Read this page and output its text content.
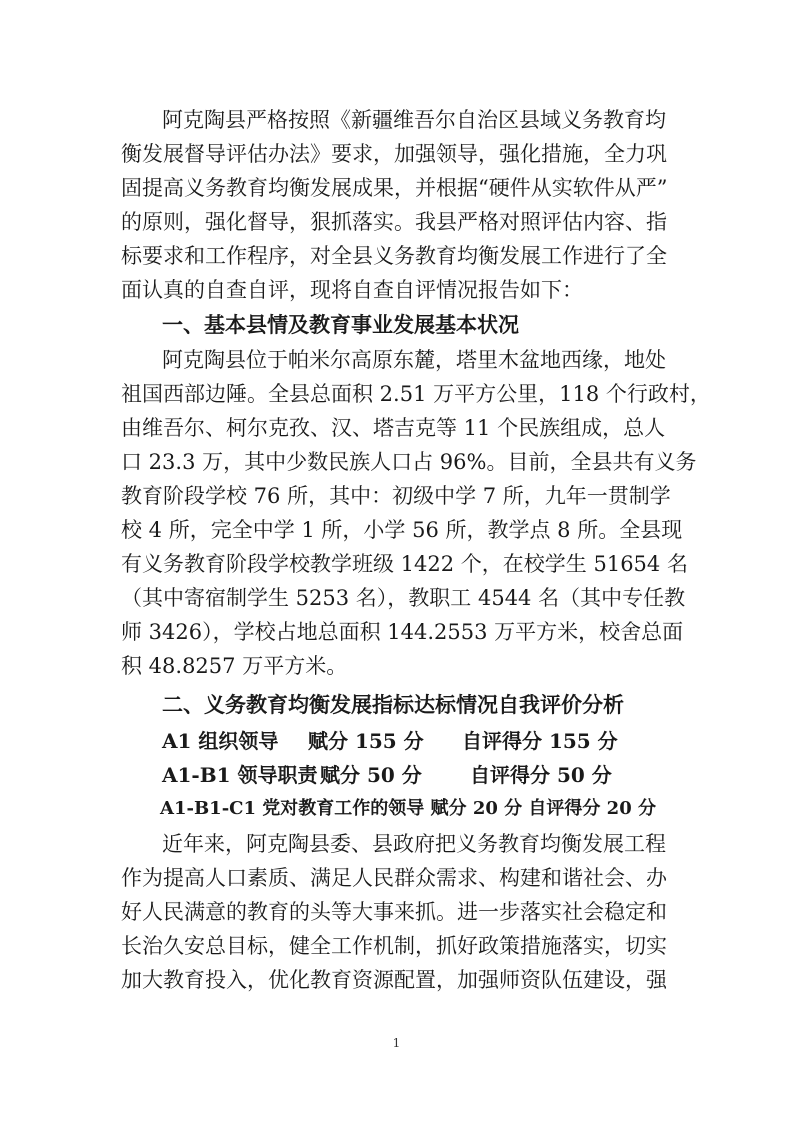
阿克陶县严格按照《新疆维吾尔自治区县域义务教育均
衡发展督导评估办法》要求，加强领导，强化措施，全力巩
固提高义务教育均衡发展成果，并根据“硬件从实软件从严”
的原则，强化督导，狠抓落实。我县严格对照评估内容、指
标要求和工作程序，对全县义务教育均衡发展工作进行了全
面认真的自查自评，现将自查自评情况报告如下：
一、基本县情及教育事业发展基本状况
阿克陶县位于帕米尔高原东麓，塔里木盆地西缘，地处
祖国西部边陲。全县总面积 2.51 万平方公里，118 个行政村，
由维吾尔、柯尔克孜、汉、塔吉克等 11 个民族组成，总人
口 23.3 万，其中少数民族人口占 96%。目前，全县共有义务
教育阶段学校 76 所，其中：初级中学 7 所，九年一贯制学
校 4 所，完全中学 1 所，小学 56 所，教学点 8 所。全县现
有义务教育阶段学校教学班级 1422 个，在校学生 51654 名
（其中寄宿制学生 5253 名），教职工 4544 名（其中专任教
师 3426），学校占地总面积 144.2553 万平方米，校舍总面
积 48.8257 万平方米。
二、义务教育均衡发展指标达标情况自我评价分析
A1 组织领导 赋分 155 分 自评得分 155 分
A1-B1 领导职责 赋分 50 分 自评得分 50 分
A1-B1-C1 党对教育工作的领导 赋分 20 分 自评得分 20 分
近年来，阿克陶县委、县政府把义务教育均衡发展工程
作为提高人口素质、满足人民群众需求、构建和谐社会、办
好人民满意的教育的头等大事来抓。进一步落实社会稳定和
长治久安总目标，健全工作机制，抓好政策措施落实，切实
加大教育投入，优化教育资源配置，加强师资队伍建设，强
1
